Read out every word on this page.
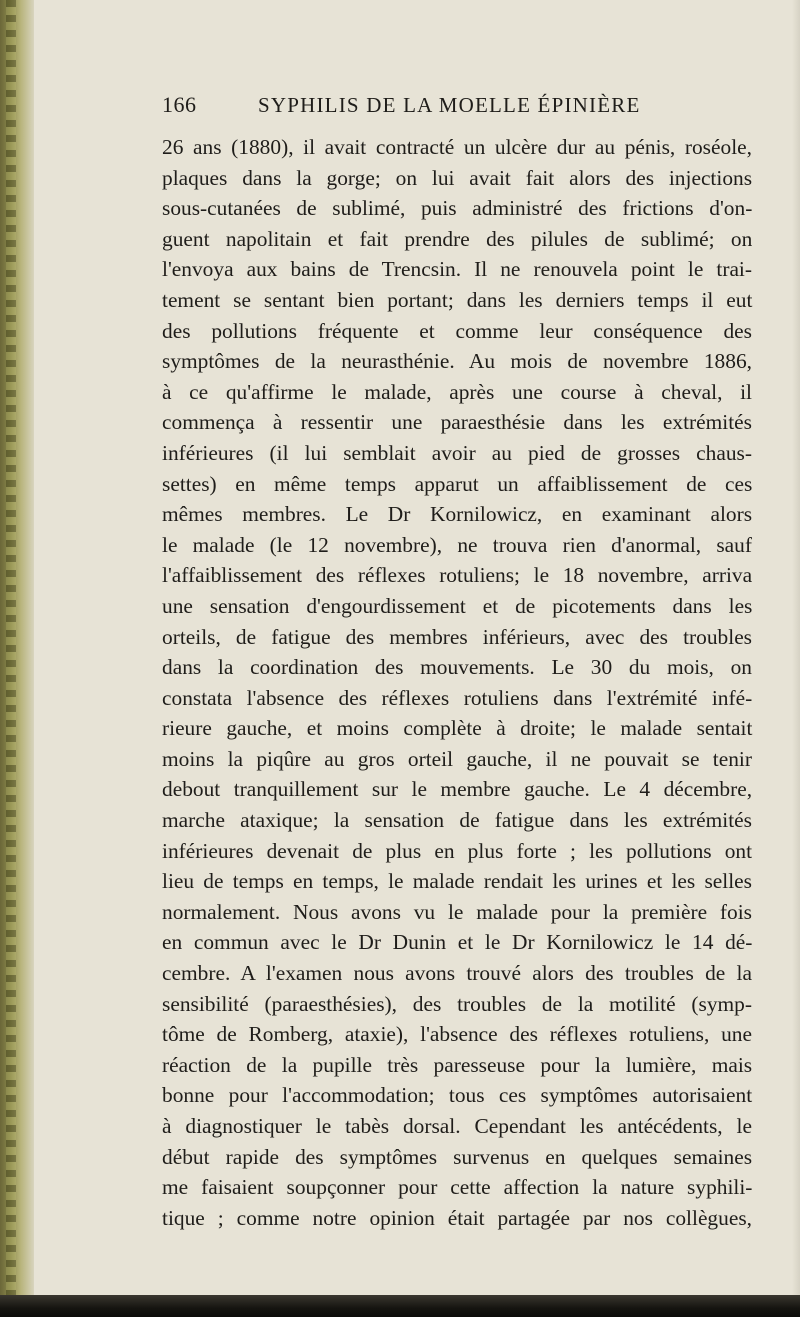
166	SYPHILIS DE LA MOELLE ÉPINIÈRE
26 ans (1880), il avait contracté un ulcère dur au pénis, roséole,
plaques dans la gorge; on lui avait fait alors des injections
sous-cutanées de sublimé, puis administré des frictions d'on-
guent napolitain et fait prendre des pilules de sublimé; on
l'envoya aux bains de Trencsin. Il ne renouvela point le trai-
tement se sentant bien portant; dans les derniers temps il eut
des pollutions fréquente et comme leur conséquence des
symptômes de la neurasthénie. Au mois de novembre 1886,
à ce qu'affirme le malade, après une course à cheval, il
commença à ressentir une paraesthésie dans les extrémités
inférieures (il lui semblait avoir au pied de grosses chaus-
settes) en même temps apparut un affaiblissement de ces
mêmes membres. Le Dr Kornilowicz, en examinant alors
le malade (le 12 novembre), ne trouva rien d'anormal, sauf
l'affaiblissement des réflexes rotuliens; le 18 novembre, arriva
une sensation d'engourdissement et de picotements dans les
orteils, de fatigue des membres inférieurs, avec des troubles
dans la coordination des mouvements. Le 30 du mois, on
constata l'absence des réflexes rotuliens dans l'extrémité infé-
rieure gauche, et moins complète à droite; le malade sentait
moins la piqûre au gros orteil gauche, il ne pouvait se tenir
debout tranquillement sur le membre gauche. Le 4 décembre,
marche ataxique; la sensation de fatigue dans les extrémités
inférieures devenait de plus en plus forte ; les pollutions ont
lieu de temps en temps, le malade rendait les urines et les selles
normalement. Nous avons vu le malade pour la première fois
en commun avec le Dr Dunin et le Dr Kornilowicz le 14 dé-
cembre. A l'examen nous avons trouvé alors des troubles de la
sensibilité (paraesthésies), des troubles de la motilité (symp-
tôme de Romberg, ataxie), l'absence des réflexes rotuliens, une
réaction de la pupille très paresseuse pour la lumière, mais
bonne pour l'accommodation; tous ces symptômes autorisaient
à diagnostiquer le tabès dorsal. Cependant les antécédents, le
début rapide des symptômes survenus en quelques semaines
me faisaient soupçonner pour cette affection la nature syphili-
tique ; comme notre opinion était partagée par nos collègues,
